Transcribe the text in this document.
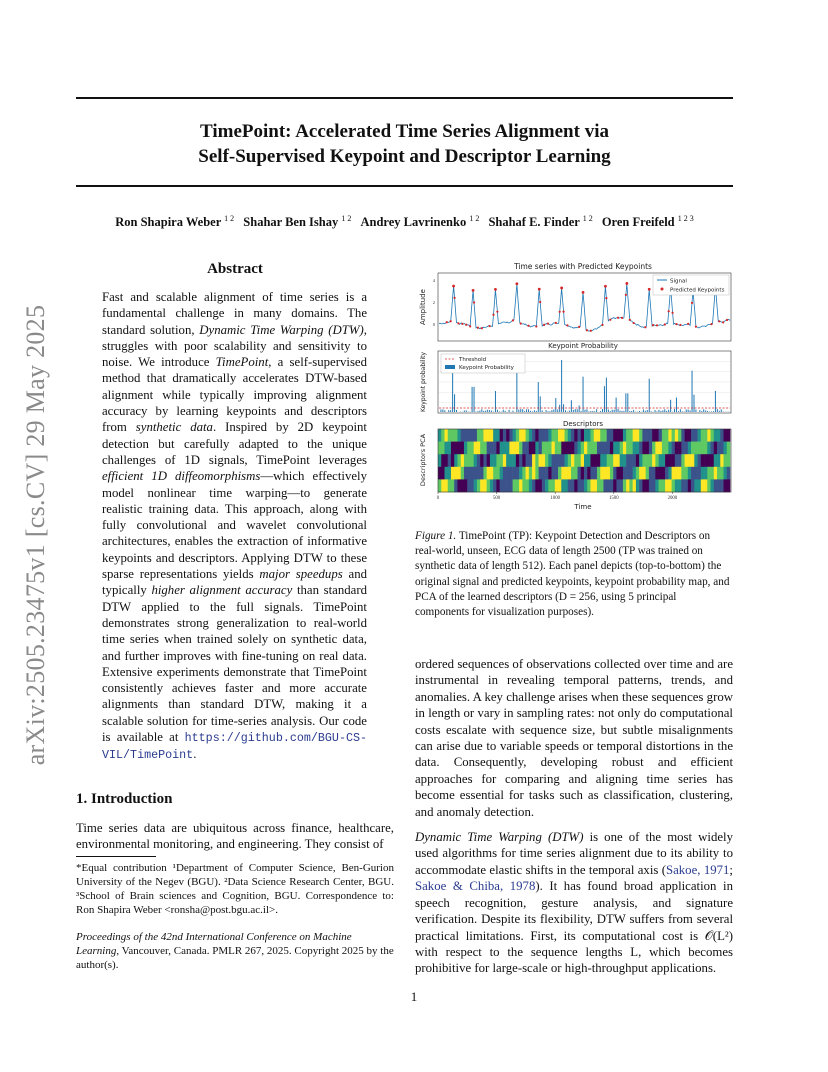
arXiv:2505.23475v1 [cs.CV] 29 May 2025
TimePoint: Accelerated Time Series Alignment via
Self-Supervised Keypoint and Descriptor Learning
Ron Shapira Weber $^{1 2}$ Shahar Ben Ishay $^{1 2}$ Andrey Lavrinenko $^{1 2}$ Shahaf E. Finder $^{1 2}$ Oren Freifeld $^{1 2 3}$
Abstract
Fast and scalable alignment of time series is a fundamental challenge in many domains. The standard solution, Dynamic Time Warping (DTW), struggles with poor scalability and sensitivity to noise. We introduce TimePoint, a self-supervised method that dramatically accelerates DTW-based alignment while typically improving alignment accuracy by learning keypoints and descriptors from synthetic data. Inspired by 2D keypoint detection but carefully adapted to the unique challenges of 1D signals, TimePoint leverages efficient 1D diffeomorphisms—which effectively model nonlinear time warping—to generate realistic training data. This approach, along with fully convolutional and wavelet convolutional architectures, enables the extraction of informative keypoints and descriptors. Applying DTW to these sparse representations yields major speedups and typically higher alignment accuracy than standard DTW applied to the full signals. TimePoint demonstrates strong generalization to real-world time series when trained solely on synthetic data, and further improves with fine-tuning on real data. Extensive experiments demonstrate that TimePoint consistently achieves faster and more accurate alignments than standard DTW, making it a scalable solution for time-series analysis. Our code is available at https://github.com/BGU-CS-VIL/TimePoint.
1. Introduction
Time series data are ubiquitous across finance, healthcare, environmental monitoring, and engineering. They consist of
*Equal contribution ¹Department of Computer Science, Ben-Gurion University of the Negev (BGU). ²Data Science Research Center, BGU. ³School of Brain sciences and Cognition, BGU. Correspondence to: Ron Shapira Weber <ronsha@post.bgu.ac.il>.
Proceedings of the 42nd International Conference on Machine Learning, Vancouver, Canada. PMLR 267, 2025. Copyright 2025 by the author(s).
Time series with Predicted Keypoints
Amplitude
4
2
0
Signal
Predicted Keypoints
Keypoint Probability
Keypoint probability	Threshold
Keypoint Probability
Descriptors
Descriptors PCA
0	500	1000	1500	2000
Time
Figure 1. TimePoint (TP): Keypoint Detection and Descriptors on real-world, unseen, ECG data of length 2500 (TP was trained on synthetic data of length 512). Each panel depicts (top-to-bottom) the original signal and predicted keypoints, keypoint probability map, and PCA of the learned descriptors (D = 256, using 5 principal components for visualization purposes).

ordered sequences of observations collected over time and are instrumental in revealing temporal patterns, trends, and anomalies. A key challenge arises when these sequences grow in length or vary in sampling rates: not only do computational costs escalate with sequence size, but subtle misalignments can arise due to variable speeds or temporal distortions in the data. Consequently, developing robust and efficient approaches for comparing and aligning time series has become essential for tasks such as classification, clustering, and anomaly detection.

Dynamic Time Warping (DTW) is one of the most widely used algorithms for time series alignment due to its ability to accommodate elastic shifts in the temporal axis (Sakoe, 1971; Sakoe & Chiba, 1978). It has found broad application in speech recognition, gesture analysis, and signature verification. Despite its flexibility, DTW suffers from several practical limitations. First, its computational cost is 𝒪(L²) with respect to the sequence lengths L, which becomes prohibitive for large-scale or high-throughput applications.

1
